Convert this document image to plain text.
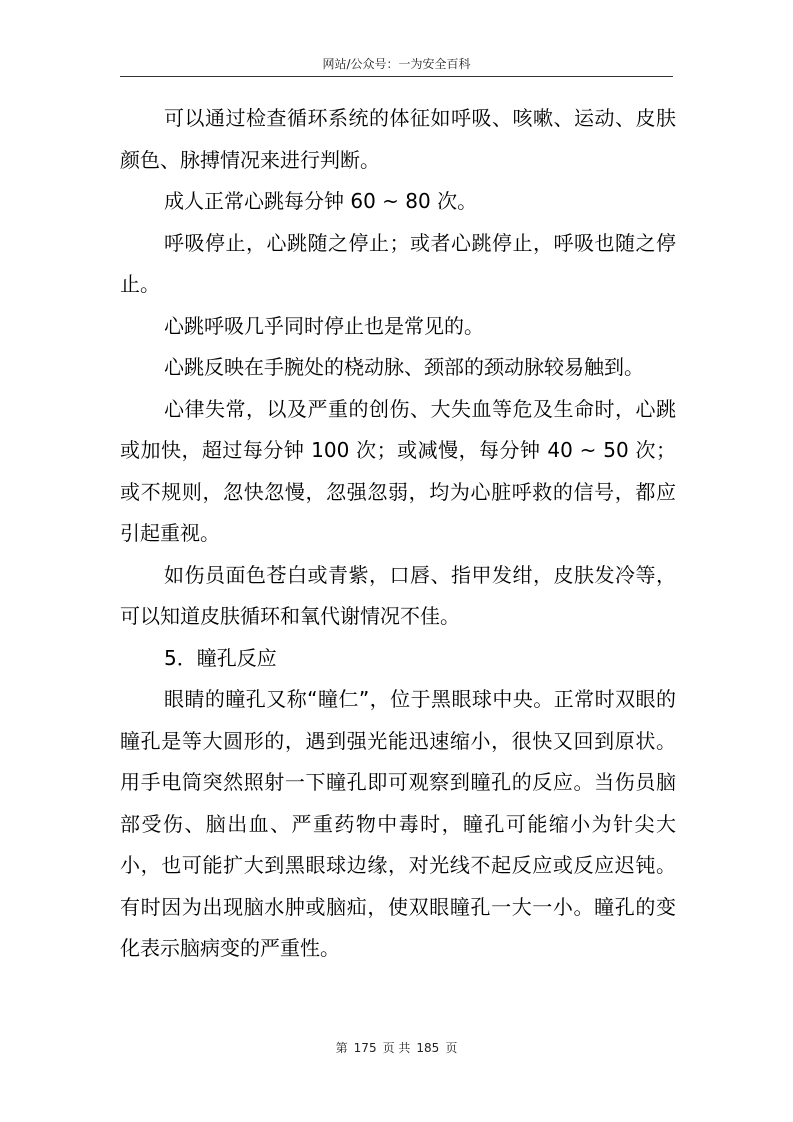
网站/公众号：一为安全百科

可以通过检查循环系统的体征如呼吸、咳嗽、运动、皮肤颜色、脉搏情况来进行判断。

成人正常心跳每分钟 60 ~ 80 次。

呼吸停止，心跳随之停止；或者心跳停止，呼吸也随之停止。

心跳呼吸几乎同时停止也是常见的。

心跳反映在手腕处的桡动脉、颈部的颈动脉较易触到。

心律失常，以及严重的创伤、大失血等危及生命时，心跳或加快，超过每分钟 100 次；或减慢，每分钟 40 ~ 50 次；或不规则，忽快忽慢，忽强忽弱，均为心脏呼救的信号，都应引起重视。

如伤员面色苍白或青紫，口唇、指甲发绀，皮肤发冷等，可以知道皮肤循环和氧代谢情况不佳。

5．瞳孔反应

眼睛的瞳孔又称“瞳仁”，位于黑眼球中央。正常时双眼的瞳孔是等大圆形的，遇到强光能迅速缩小，很快又回到原状。用手电筒突然照射一下瞳孔即可观察到瞳孔的反应。当伤员脑部受伤、脑出血、严重药物中毒时，瞳孔可能缩小为针尖大小，也可能扩大到黑眼球边缘，对光线不起反应或反应迟钝。有时因为出现脑水肿或脑疝，使双眼瞳孔一大一小。瞳孔的变化表示脑病变的严重性。

第 175 页 共 185 页
